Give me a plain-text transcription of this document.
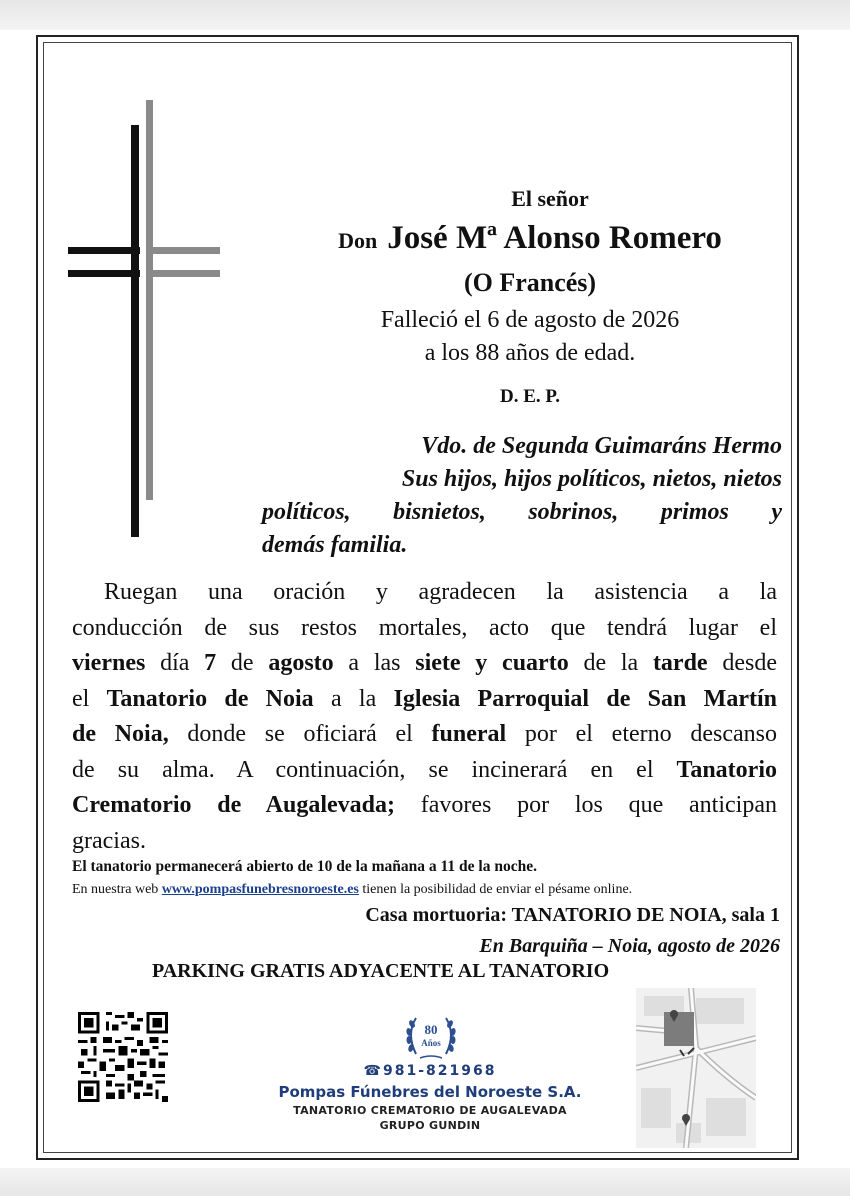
El señor
Don José Mª Alonso Romero
(O Francés)
Falleció el 6 de agosto de 2026
a los 88 años de edad.
D. E. P.
Vdo. de Segunda Guimaráns Hermo
Sus hijos, hijos políticos, nietos, nietos
políticos, bisnietos, sobrinos, primos y
demás familia.
Ruegan una oración y agradecen la asistencia a la
conducción de sus restos mortales, acto que tendrá lugar el
viernes día 7 de agosto a las siete y cuarto de la tarde desde
el Tanatorio de Noia a la Iglesia Parroquial de San Martín
de Noia, donde se oficiará el funeral por el eterno descanso
de su alma. A continuación, se incinerará en el Tanatorio
Crematorio de Augalevada; favores por los que anticipan
gracias.
El tanatorio permanecerá abierto de 10 de la mañana a 11 de la noche.
En nuestra web www.pompasfunebresnoroeste.es tienen la posibilidad de enviar el pésame online.
Casa mortuoria: TANATORIO DE NOIA, sala 1
En Barquiña – Noia, agosto de 2026
PARKING GRATIS ADYACENTE AL TANATORIO
80
Años
☎981-821968
Pompas Fúnebres del Noroeste S.A.
TANATORIO CREMATORIO DE AUGALEVADA
GRUPO GUNDIN
